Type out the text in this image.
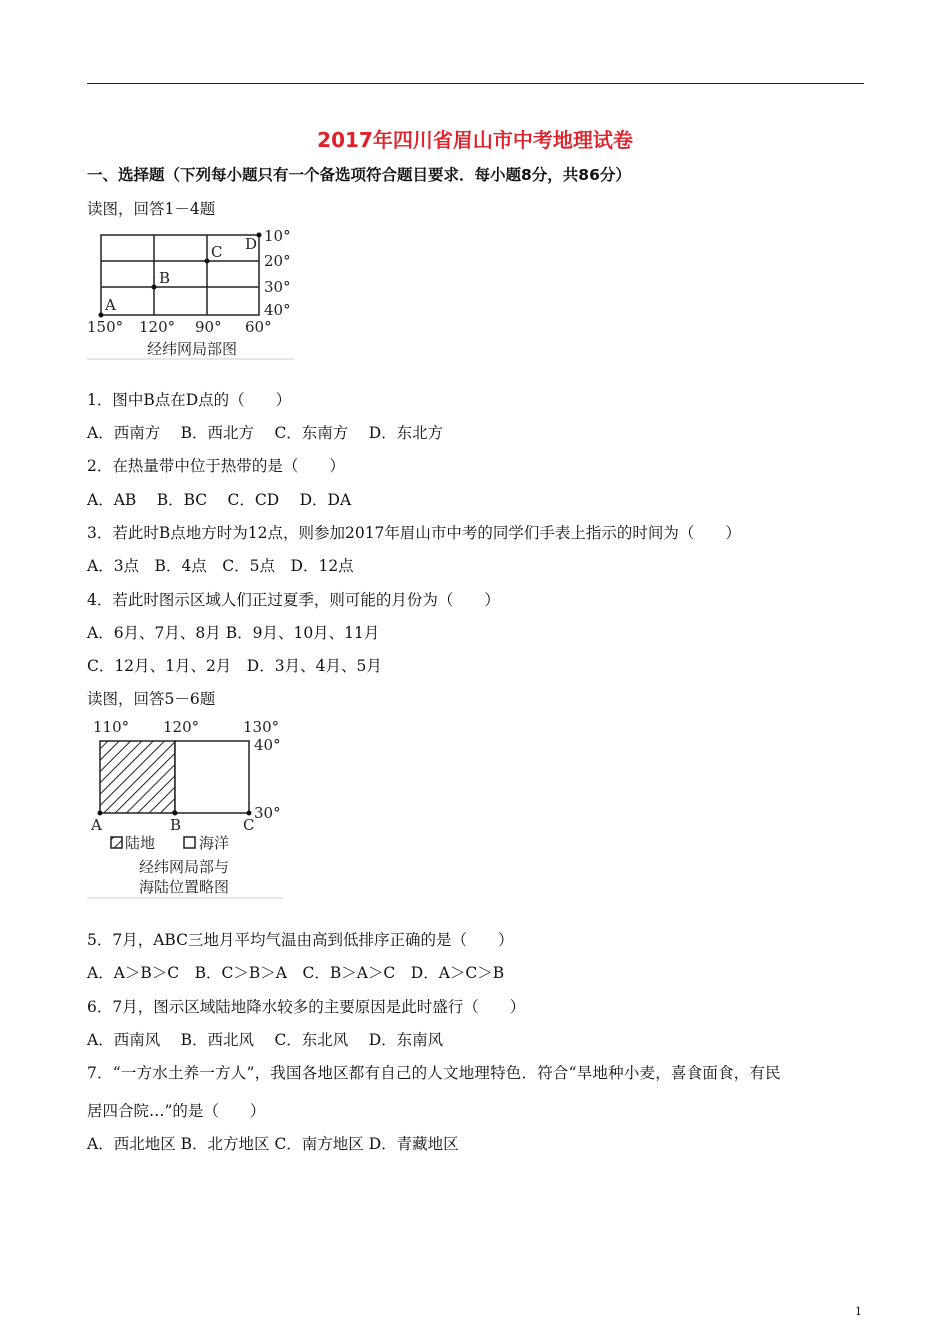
2017年四川省眉山市中考地理试卷
一、选择题（下列每小题只有一个备选项符合题目要求．每小题8分，共86分）
读图，回答1－4题
A
B
C D 10°
20°
30°
40°
150° 120° 90° 60°
经纬网局部图
1．图中B点在D点的（　　）
A．西南方　 B．西北方　 C．东南方　 D．东北方
2．在热量带中位于热带的是（　　）
A．AB　 B．BC　 C．CD　 D．DA
3．若此时B点地方时为12点，则参加2017年眉山市中考的同学们手表上指示的时间为（　　）
A．3点　B．4点　C．5点　D．12点
4．若此时图示区域人们正过夏季，则可能的月份为（　　）
A．6月、7月、8月 B．9月、10月、11月
C．12月、1月、2月　D．3月、4月、5月
读图，回答5－6题
110° 120°	130°
40°
30°
A	B	C
陆地	海洋
经纬网局部与
海陆位置略图
5．7月，ABC三地月平均气温由高到低排序正确的是（　　）
A．A＞B＞C　B．C＞B＞A　C．B＞A＞C　D．A＞C＞B
6．7月，图示区域陆地降水较多的主要原因是此时盛行（　　）
A．西南风　 B．西北风　 C．东北风　 D．东南风
7．“一方水土养一方人”，我国各地区都有自己的人文地理特色．符合“旱地种小麦，喜食面食，有民
居四合院…”的是（　　）
A．西北地区 B．北方地区 C．南方地区 D．青藏地区
1
